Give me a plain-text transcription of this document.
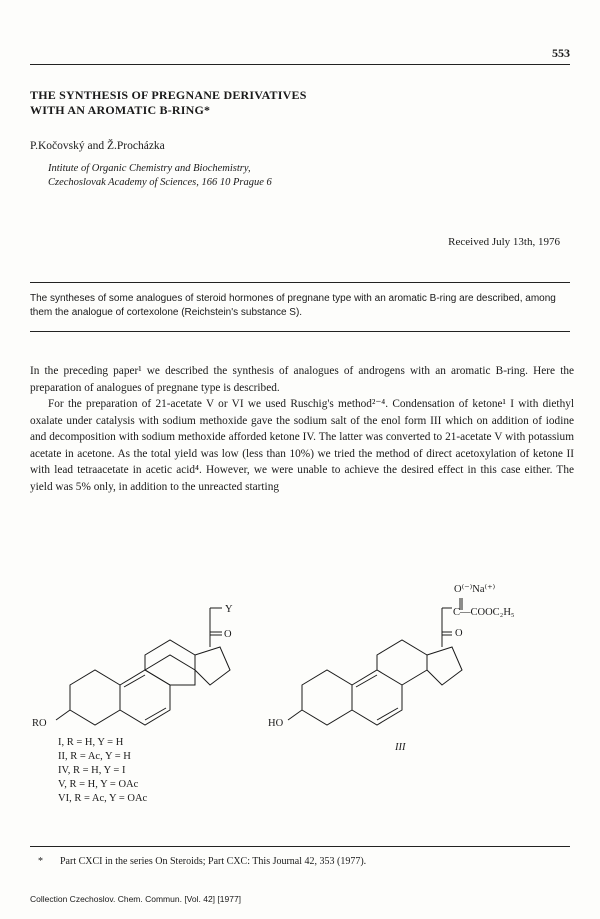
553
THE SYNTHESIS OF PREGNANE DERIVATIVES
WITH AN AROMATIC B-RING*
P.Kočovský and Ž.Procházka
Intitute of Organic Chemistry and Biochemistry,
Czechoslovak Academy of Sciences, 166 10 Prague 6
Received July 13th, 1976
The syntheses of some analogues of steroid hormones of pregnane type with an aromatic B-ring are described, among them the analogue of cortexolone (Reichstein's substance S).

In the preceding paper¹ we described the synthesis of analogues of androgens with an aromatic B-ring. Here the preparation of analogues of pregnane type is described.

For the preparation of 21-acetate V or VI we used Ruschig's method²⁻⁴. Condensation of ketone¹ I with diethyl oxalate under catalysis with sodium methoxide gave the sodium salt of the enol form III which on addition of iodine and decomposition with sodium methoxide afforded ketone IV. The latter was converted to 21-acetate V with potassium acetate in acetone. As the total yield was low (less than 10%) we tried the method of direct acetoxylation of ketone II with lead tetraacetate in acetic acid⁴. However, we were unable to achieve the desired effect in this case either. The yield was 5% only, in addition to the unreacted starting

RO
Y
O
HO
O⁽⁻⁾Na⁽⁺⁾
C—COOC₂H₅
O
III
I, R = H, Y = H
II, R = Ac, Y = H
IV, R = H, Y = I
V, R = H, Y = OAc
VI, R = Ac, Y = OAc
* Part CXCI in the series On Steroids; Part CXC: This Journal 42, 353 (1977).
Collection Czechoslov. Chem. Commun. [Vol. 42] [1977]
